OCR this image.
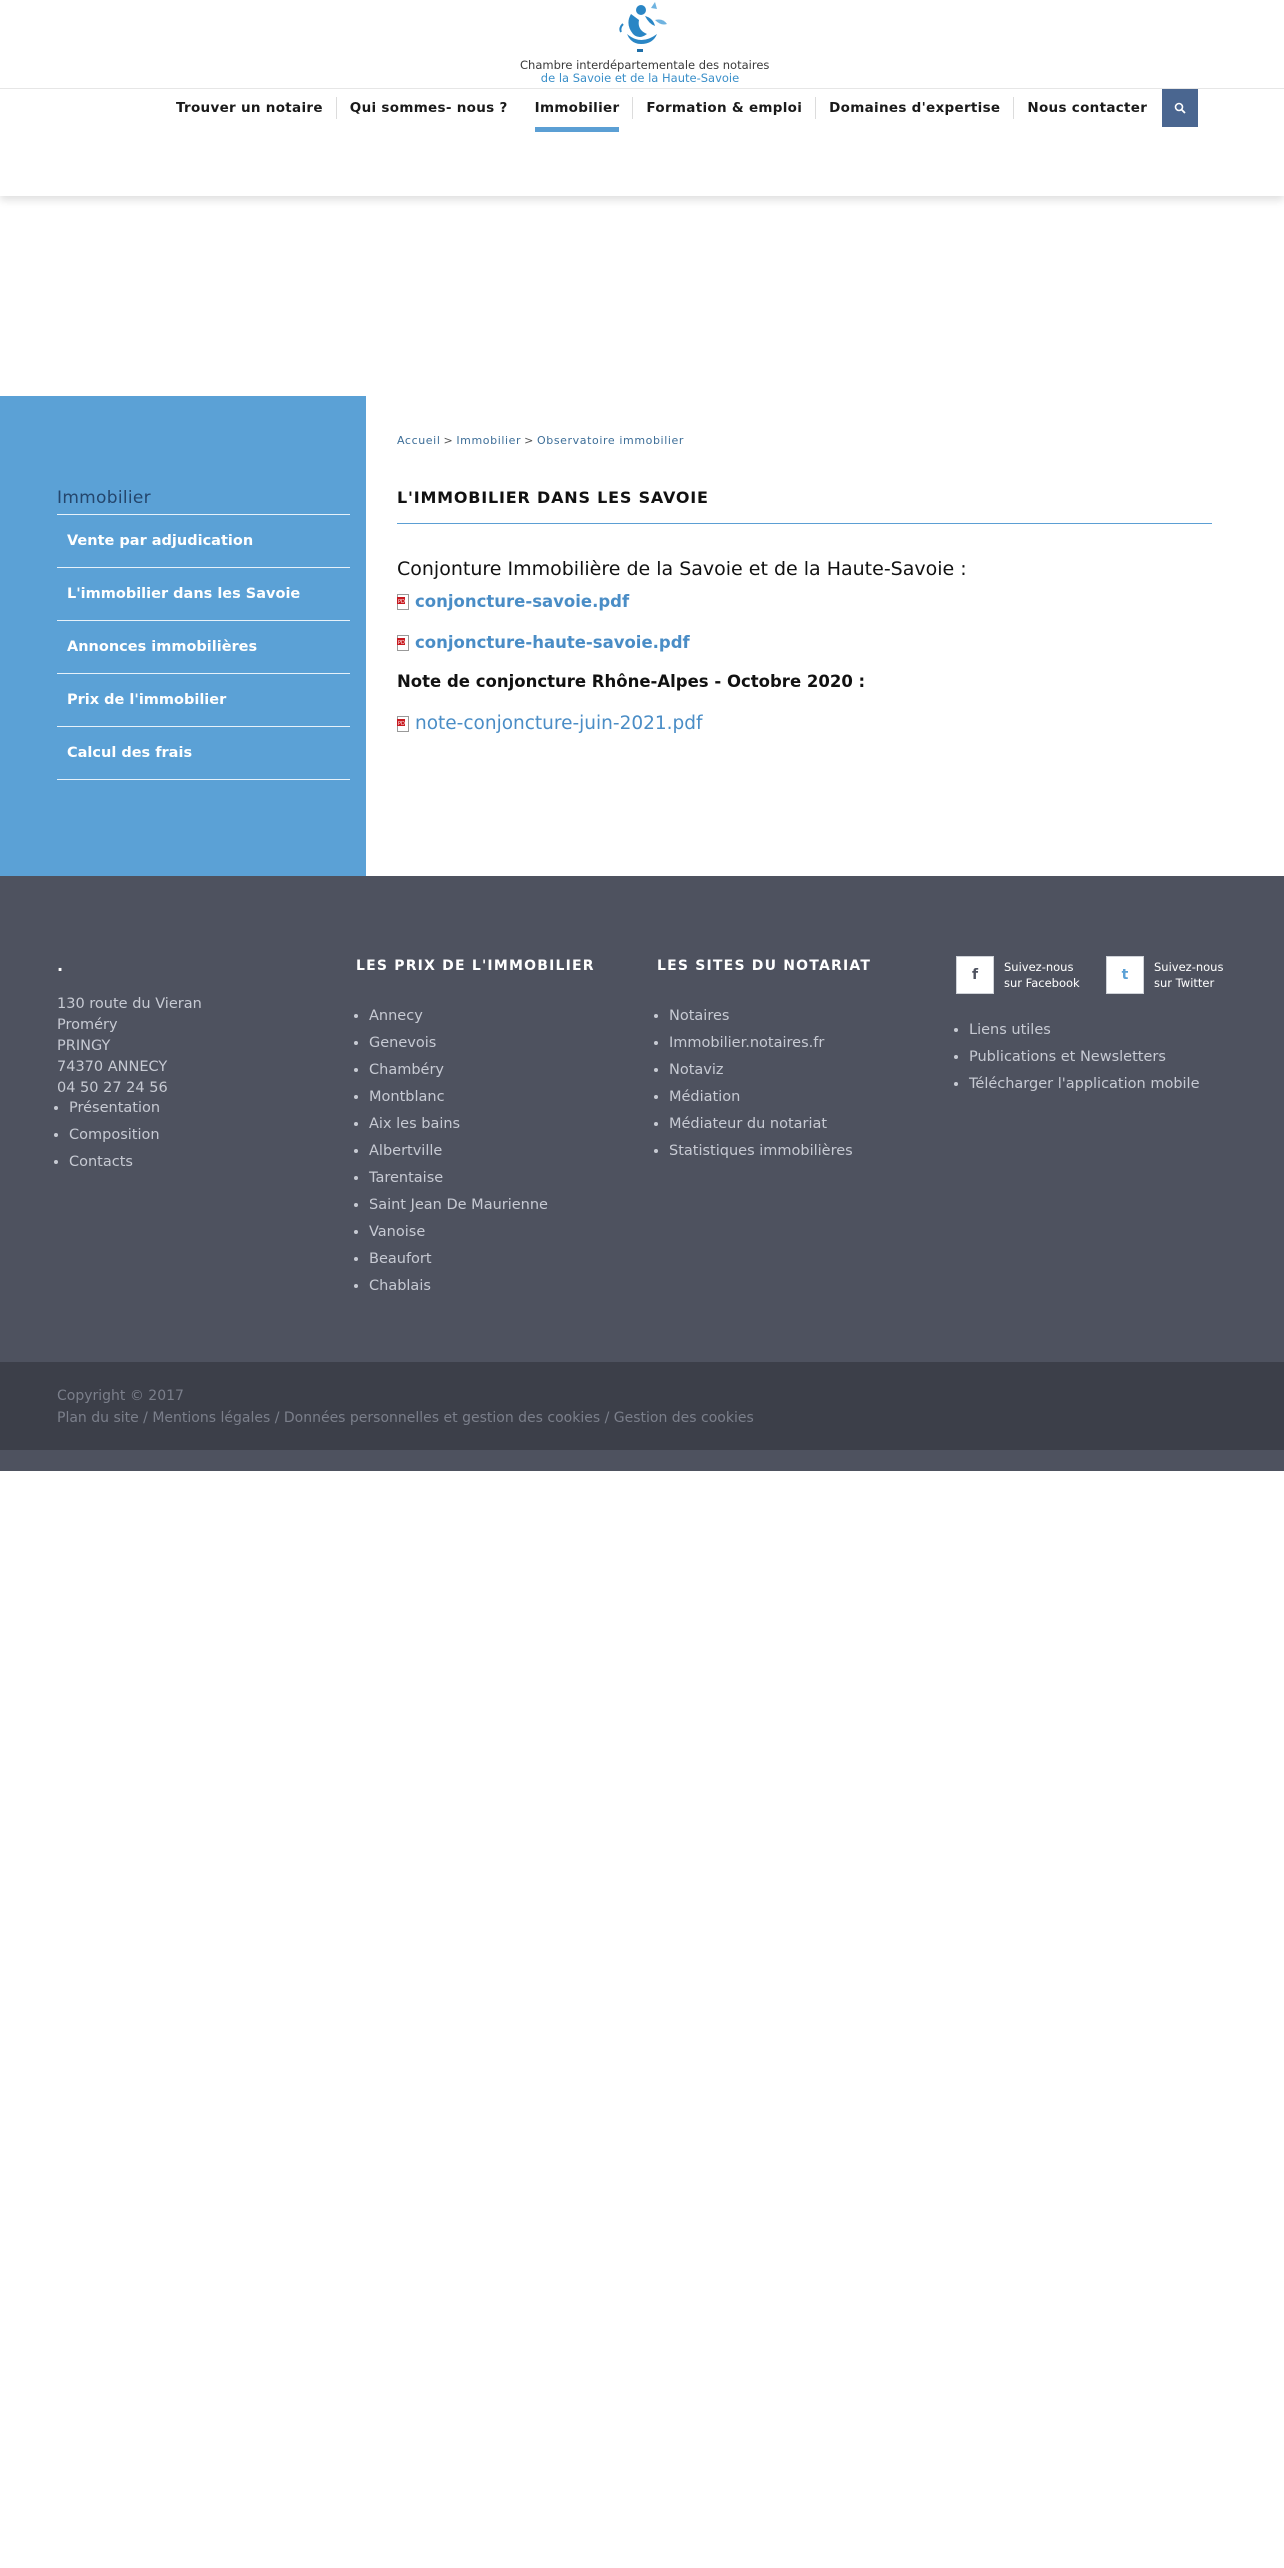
Chambre interdépartementale des notaires
de la Savoie et de la Haute-Savoie
Trouver un notaire	Qui sommes- nous ?	Immobilier	Formation & emploi	Domaines d'expertise	Nous contacter
Immobilier
Vente par adjudication
L'immobilier dans les Savoie
Annonces immobilières
Prix de l'immobilier
Calcul des frais
Accueil > Immobilier > Observatoire immobilier
L'IMMOBILIER DANS LES SAVOIE
Conjonture Immobilière de la Savoie et de la Haute-Savoie :
PDF conjoncture-savoie.pdf
PDF conjoncture-haute-savoie.pdf
Note de conjoncture Rhône-Alpes - Octobre 2020 :
PDF note-conjoncture-juin-2021.pdf
.
130 route du Vieran
Proméry
PRINGY
74370 ANNECY
04 50 27 24 56
• Présentation
• Composition
• Contacts
LES PRIX DE L'IMMOBILIER
• Annecy
• Genevois
• Chambéry
• Montblanc
• Aix les bains
• Albertville
• Tarentaise
• Saint Jean De Maurienne
• Vanoise
• Beaufort
• Chablais
LES SITES DU NOTARIAT
• Notaires
• Immobilier.notaires.fr
• Notaviz
• Médiation
• Médiateur du notariat
• Statistiques immobilières
f	Suivez-nous
sur Facebook	t	Suivez-nous
sur Twitter
• Liens utiles
• Publications et Newsletters
• Télécharger l'application mobile
Copyright © 2017
Plan du site / Mentions légales / Données personnelles et gestion des cookies / Gestion des cookies
